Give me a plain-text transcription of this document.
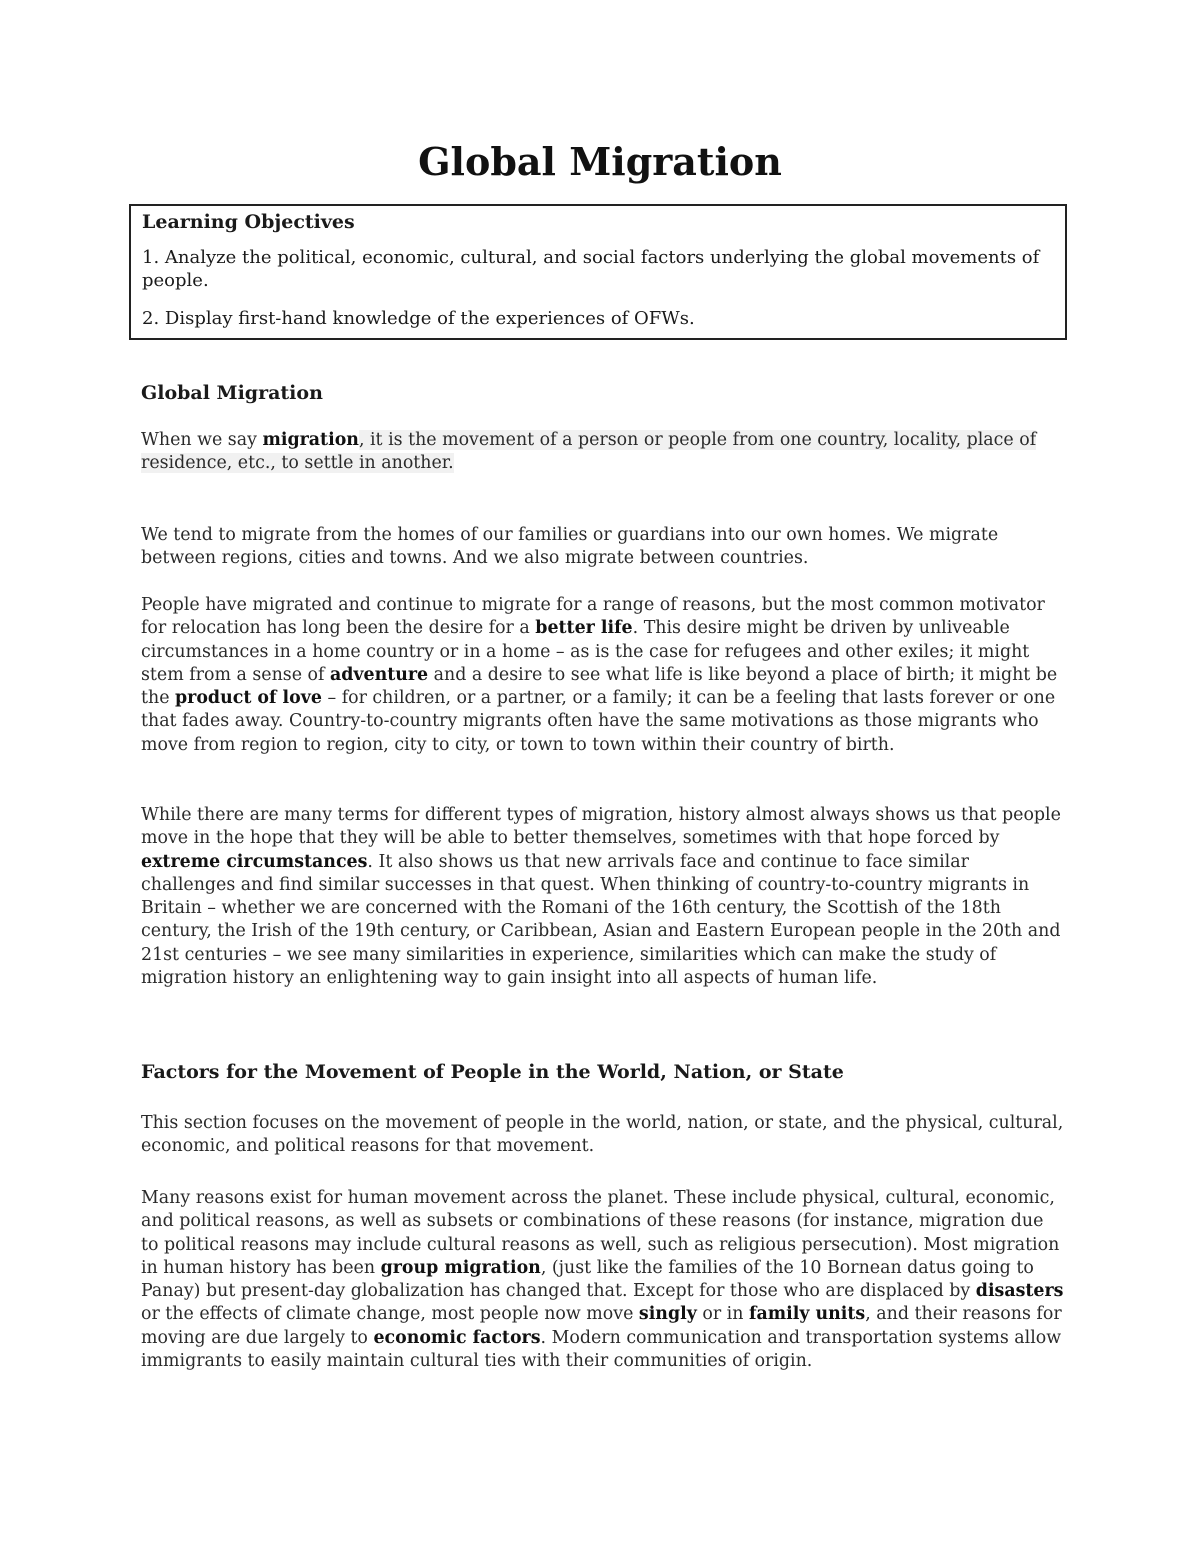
Global Migration

Learning Objectives

1. Analyze the political, economic, cultural, and social factors underlying the global movements of people.

2. Display first-hand knowledge of the experiences of OFWs.

Global Migration

When we say migration, it is the movement of a person or people from one country, locality, place of residence, etc., to settle in another.

We tend to migrate from the homes of our families or guardians into our own homes. We migrate between regions, cities and towns. And we also migrate between countries.

People have migrated and continue to migrate for a range of reasons, but the most common motivator for relocation has long been the desire for a better life. This desire might be driven by unliveable circumstances in a home country or in a home – as is the case for refugees and other exiles; it might stem from a sense of adventure and a desire to see what life is like beyond a place of birth; it might be the product of love – for children, or a partner, or a family; it can be a feeling that lasts forever or one that fades away. Country-to-country migrants often have the same motivations as those migrants who move from region to region, city to city, or town to town within their country of birth.

While there are many terms for different types of migration, history almost always shows us that people move in the hope that they will be able to better themselves, sometimes with that hope forced by extreme circumstances. It also shows us that new arrivals face and continue to face similar challenges and find similar successes in that quest. When thinking of country-to-country migrants in Britain – whether we are concerned with the Romani of the 16th century, the Scottish of the 18th century, the Irish of the 19th century, or Caribbean, Asian and Eastern European people in the 20th and 21st centuries – we see many similarities in experience, similarities which can make the study of migration history an enlightening way to gain insight into all aspects of human life.

Factors for the Movement of People in the World, Nation, or State

This section focuses on the movement of people in the world, nation, or state, and the physical, cultural, economic, and political reasons for that movement.

Many reasons exist for human movement across the planet. These include physical, cultural, economic, and political reasons, as well as subsets or combinations of these reasons (for instance, migration due to political reasons may include cultural reasons as well, such as religious persecution). Most migration in human history has been group migration, (just like the families of the 10 Bornean datus going to Panay) but present-day globalization has changed that. Except for those who are displaced by disasters or the effects of climate change, most people now move singly or in family units, and their reasons for moving are due largely to economic factors. Modern communication and transportation systems allow immigrants to easily maintain cultural ties with their communities of origin.
